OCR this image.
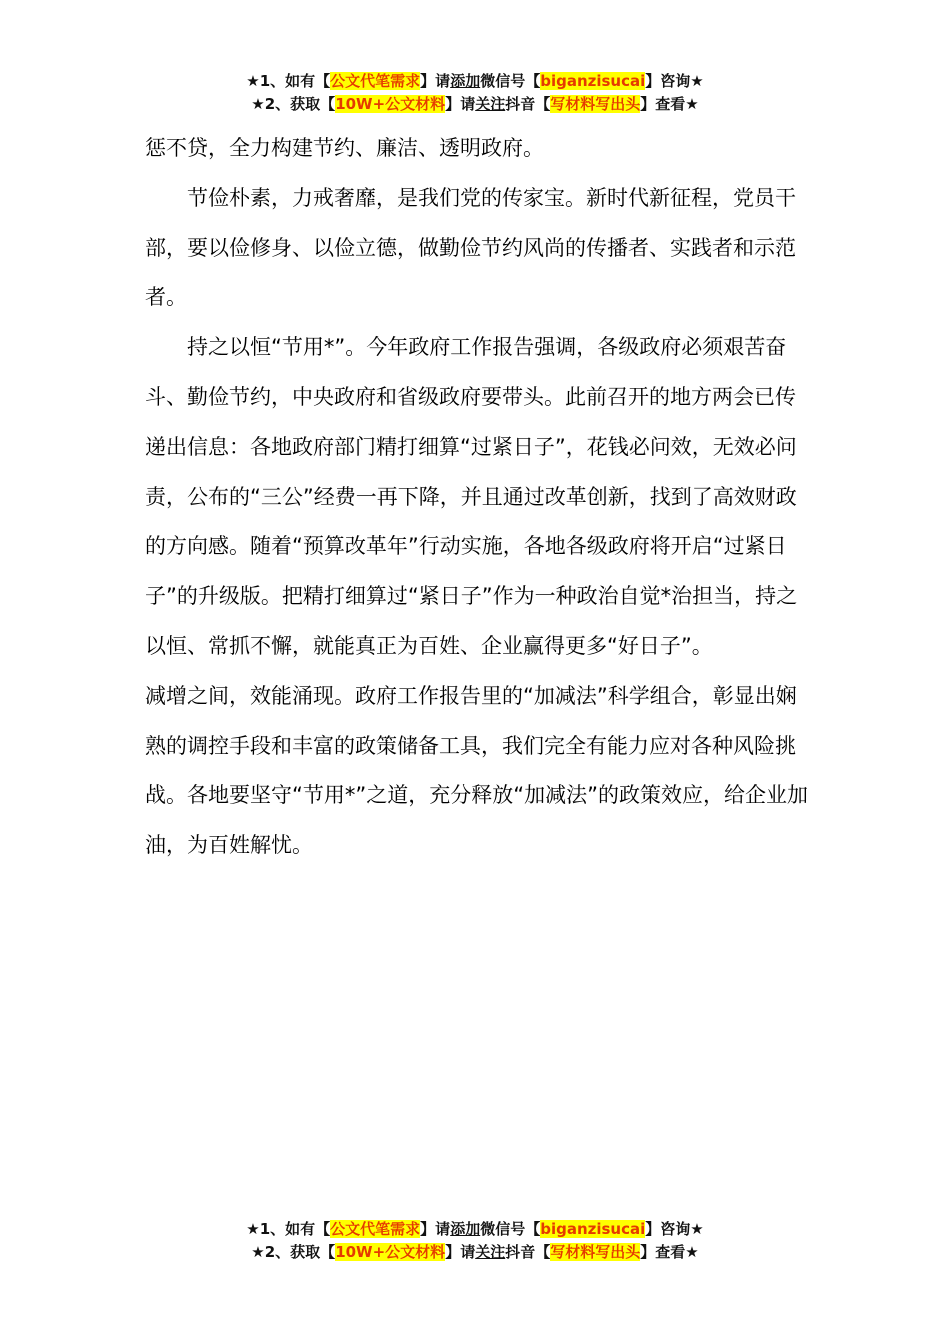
★1、如有【公文代笔需求】请添加微信号【biganzisucai】咨询★
★2、获取【10W+公文材料】请关注抖音【写材料写出头】查看★

惩不贷，全力构建节约、廉洁、透明政府。

节俭朴素，力戒奢靡，是我们党的传家宝。新时代新征程，党员干部，要以俭修身、以俭立德，做勤俭节约风尚的传播者、实践者和示范者。

持之以恒“节用*”。今年政府工作报告强调，各级政府必须艰苦奋斗、勤俭节约，中央政府和省级政府要带头。此前召开的地方两会已传递出信息：各地政府部门精打细算“过紧日子”，花钱必问效，无效必问责，公布的“三公”经费一再下降，并且通过改革创新，找到了高效财政的方向感。随着“预算改革年”行动实施，各地各级政府将开启“过紧日子”的升级版。把精打细算过“紧日子”作为一种政治自觉*治担当，持之以恒、常抓不懈，就能真正为百姓、企业赢得更多“好日子”。

减增之间，效能涌现。政府工作报告里的“加减法”科学组合，彰显出娴熟的调控手段和丰富的政策储备工具，我们完全有能力应对各种风险挑战。各地要坚守“节用*”之道，充分释放“加减法”的政策效应，给企业加油，为百姓解忧。

★1、如有【公文代笔需求】请添加微信号【biganzisucai】咨询★
★2、获取【10W+公文材料】请关注抖音【写材料写出头】查看★
